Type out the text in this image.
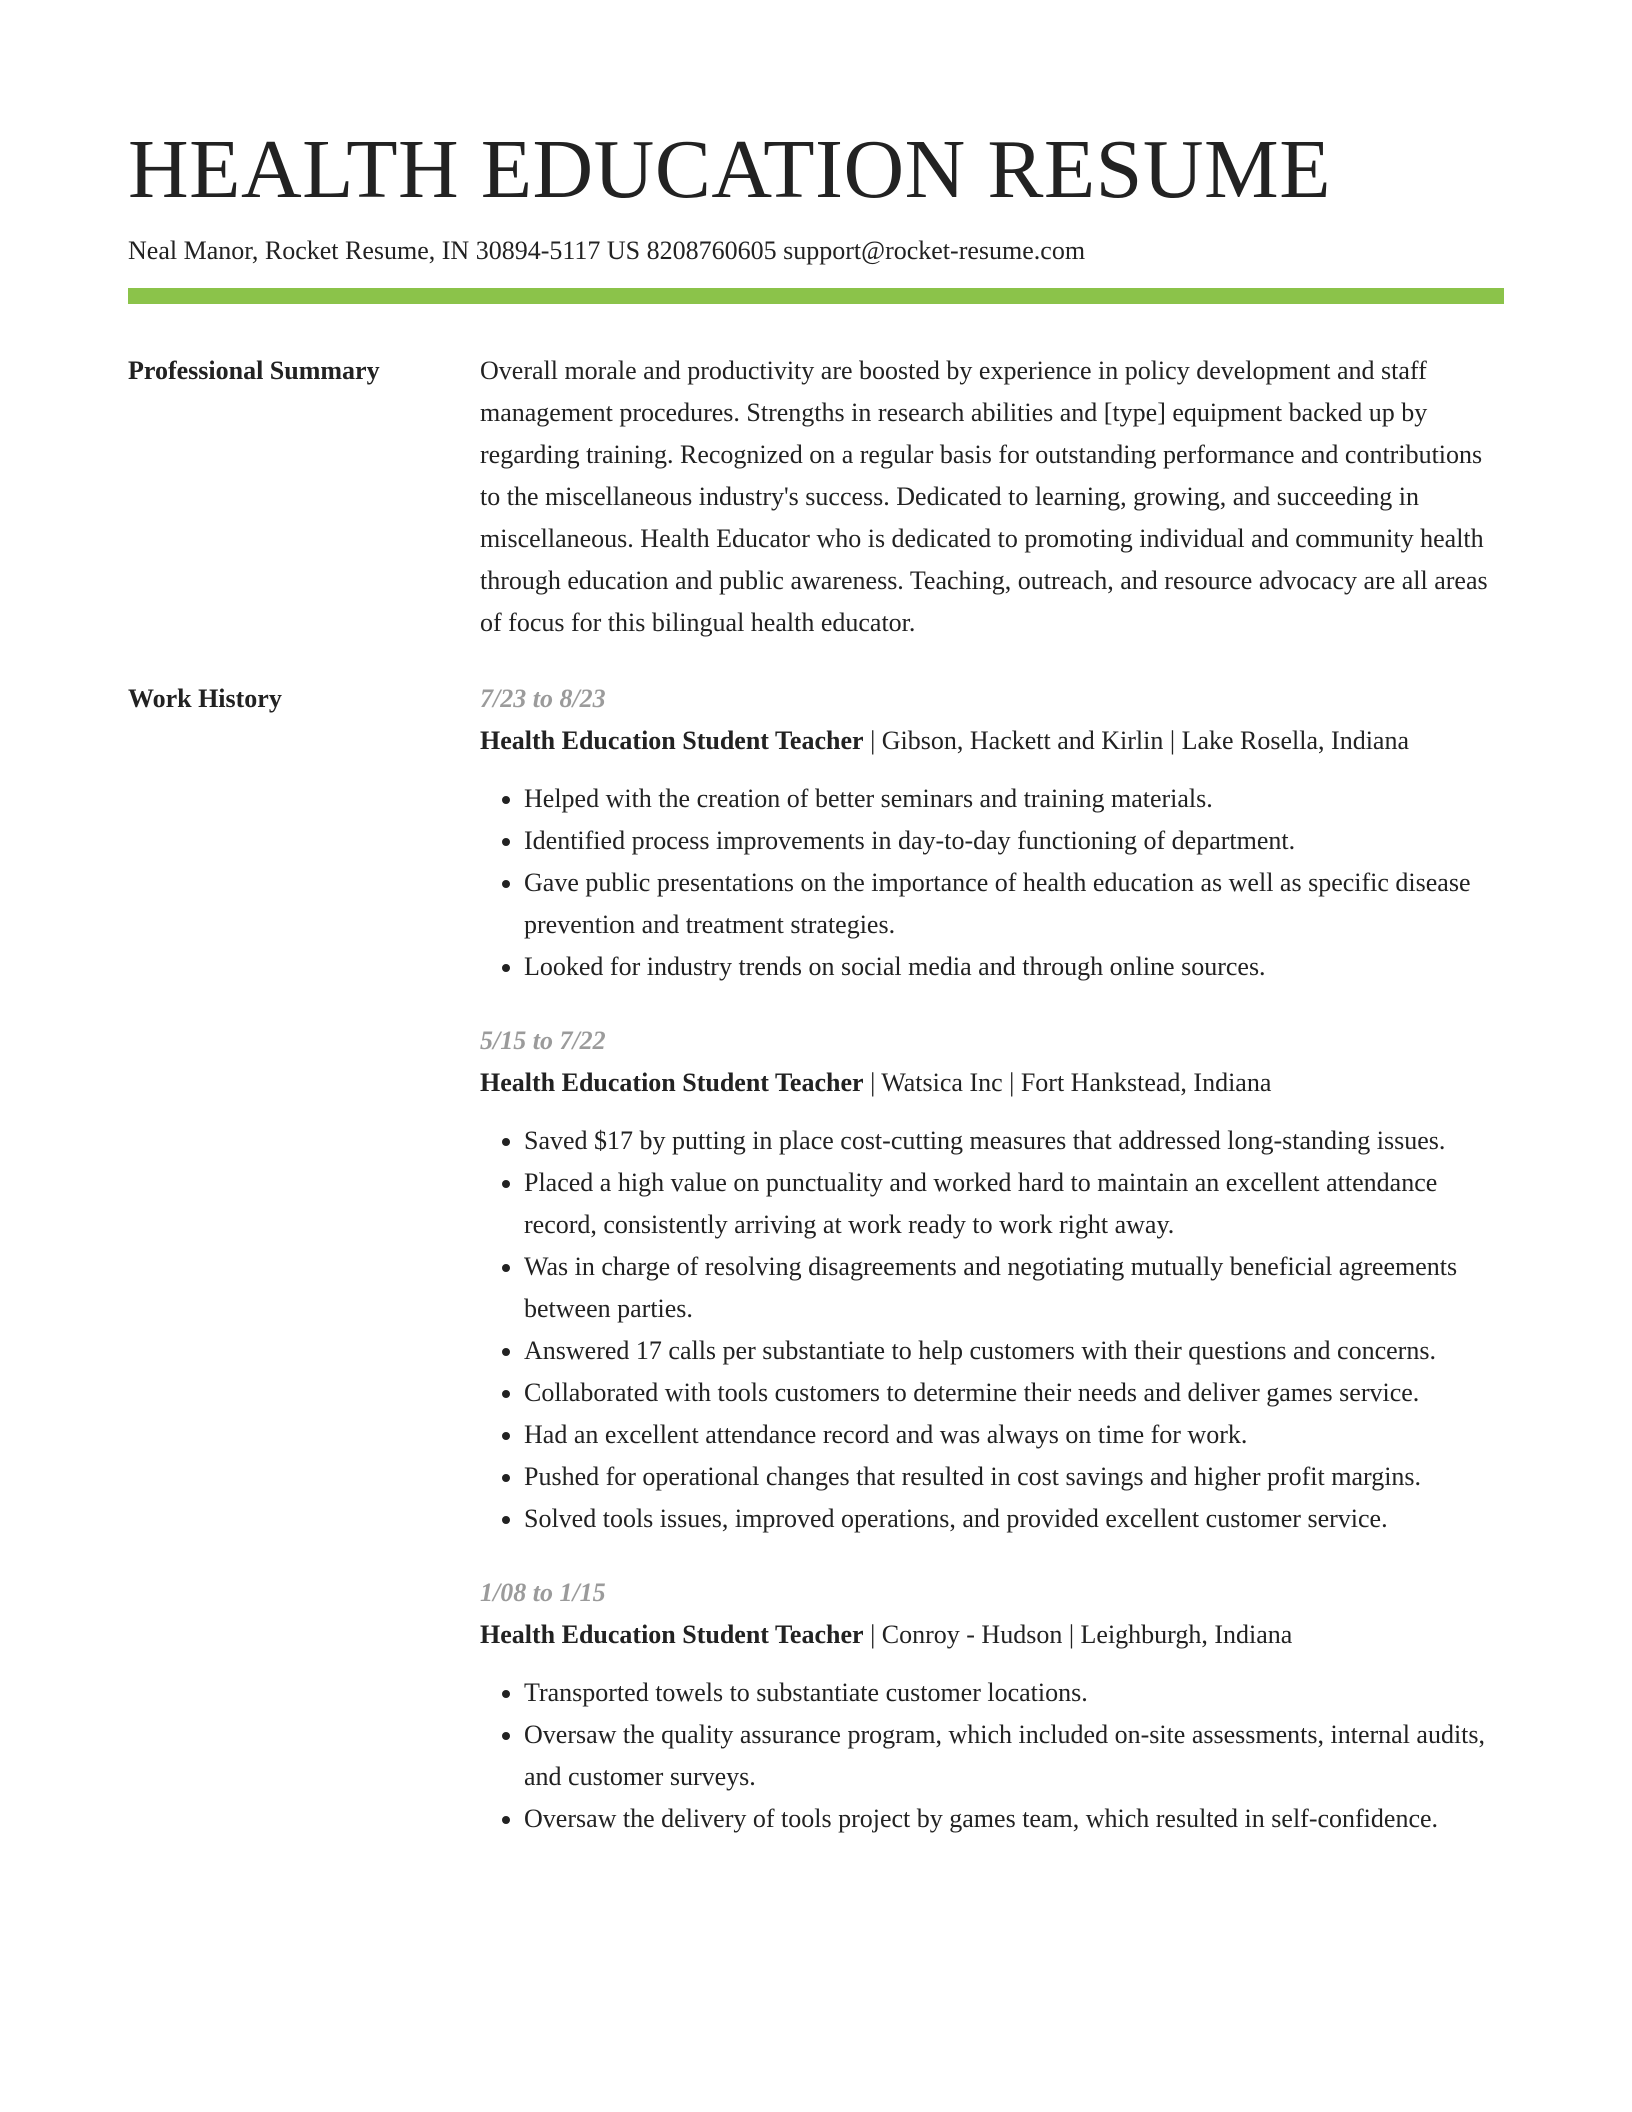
HEALTH EDUCATION RESUME
Neal Manor, Rocket Resume, IN 30894-5117 US 8208760605 support@rocket-resume.com
Professional Summary	Overall morale and productivity are boosted by experience in policy development and staff management procedures. Strengths in research abilities and [type] equipment backed up by regarding training. Recognized on a regular basis for outstanding performance and contributions to the miscellaneous industry's success. Dedicated to learning, growing, and succeeding in miscellaneous. Health Educator who is dedicated to promoting individual and community health through education and public awareness. Teaching, outreach, and resource advocacy are all areas of focus for this bilingual health educator.

Work History	7/23 to 8/23
Health Education Student Teacher | Gibson, Hackett and Kirlin | Lake Rosella, Indiana
• Helped with the creation of better seminars and training materials.
• Identified process improvements in day-to-day functioning of department.
• Gave public presentations on the importance of health education as well as specific disease prevention and treatment strategies.
• Looked for industry trends on social media and through online sources.
5/15 to 7/22
Health Education Student Teacher | Watsica Inc | Fort Hankstead, Indiana
• Saved $17 by putting in place cost-cutting measures that addressed long-standing issues.
• Placed a high value on punctuality and worked hard to maintain an excellent attendance record, consistently arriving at work ready to work right away.
• Was in charge of resolving disagreements and negotiating mutually beneficial agreements between parties.
• Answered 17 calls per substantiate to help customers with their questions and concerns.
• Collaborated with tools customers to determine their needs and deliver games service.
• Had an excellent attendance record and was always on time for work.
• Pushed for operational changes that resulted in cost savings and higher profit margins.
• Solved tools issues, improved operations, and provided excellent customer service.
1/08 to 1/15
Health Education Student Teacher | Conroy - Hudson | Leighburgh, Indiana
• Transported towels to substantiate customer locations.
• Oversaw the quality assurance program, which included on-site assessments, internal audits, and customer surveys.
• Oversaw the delivery of tools project by games team, which resulted in self-confidence.
